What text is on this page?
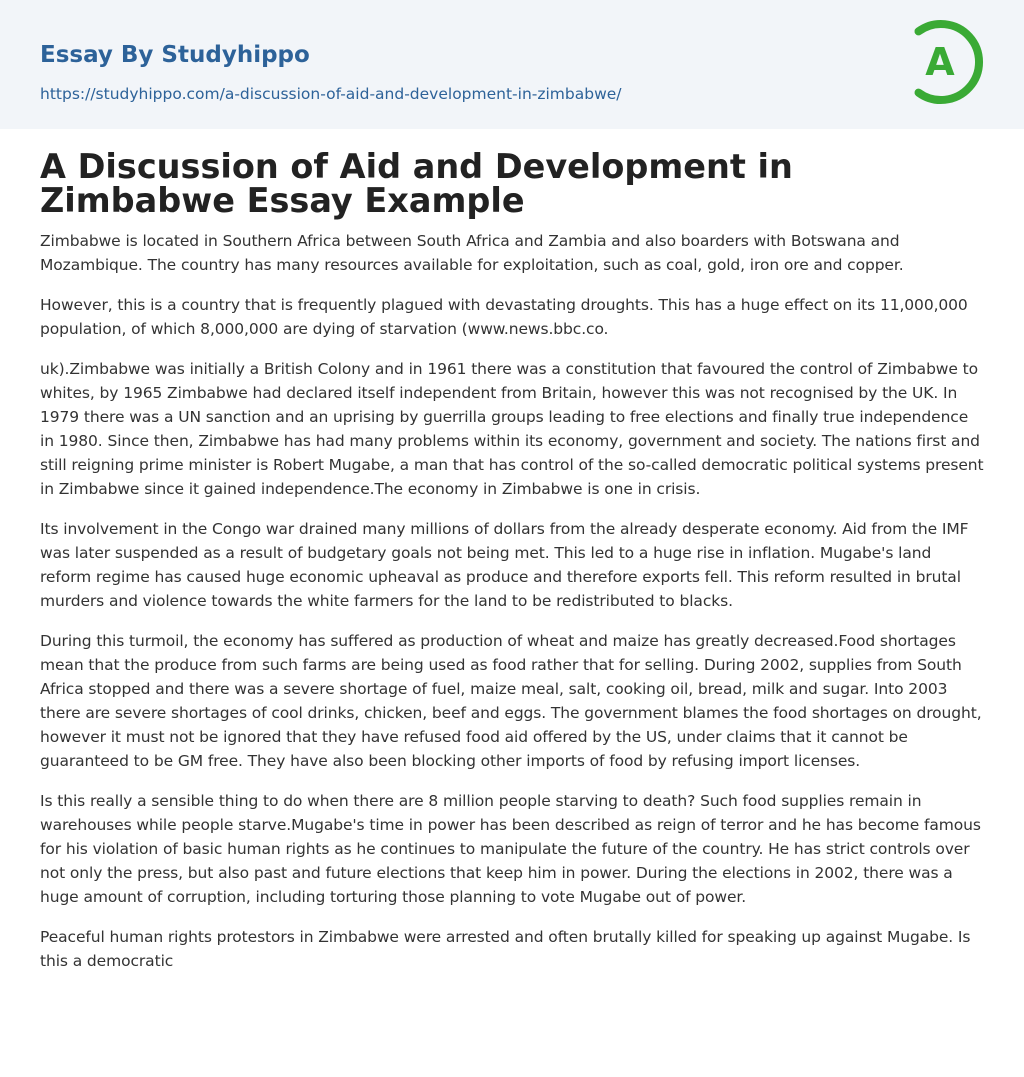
Essay By Studyhippo
https://studyhippo.com/a-discussion-of-aid-and-development-in-zimbabwe/
A
A Discussion of Aid and Development in Zimbabwe Essay Example

Zimbabwe is located in Southern Africa between South Africa and Zambia and also boarders with Botswana and Mozambique. The country has many resources available for exploitation, such as coal, gold, iron ore and copper.

However, this is a country that is frequently plagued with devastating droughts. This has a huge effect on its 11,000,000 population, of which 8,000,000 are dying of starvation (www.news.bbc.co.

uk).Zimbabwe was initially a British Colony and in 1961 there was a constitution that favoured the control of Zimbabwe to whites, by 1965 Zimbabwe had declared itself independent from Britain, however this was not recognised by the UK. In 1979 there was a UN sanction and an uprising by guerrilla groups leading to free elections and finally true independence in 1980. Since then, Zimbabwe has had many problems within its economy, government and society. The nations first and still reigning prime minister is Robert Mugabe, a man that has control of the so-called democratic political systems present in Zimbabwe since it gained independence.The economy in Zimbabwe is one in crisis.

Its involvement in the Congo war drained many millions of dollars from the already desperate economy. Aid from the IMF was later suspended as a result of budgetary goals not being met. This led to a huge rise in inflation. Mugabe's land reform regime has caused huge economic upheaval as produce and therefore exports fell. This reform resulted in brutal murders and violence towards the white farmers for the land to be redistributed to blacks.

During this turmoil, the economy has suffered as production of wheat and maize has greatly decreased.Food shortages mean that the produce from such farms are being used as food rather that for selling. During 2002, supplies from South Africa stopped and there was a severe shortage of fuel, maize meal, salt, cooking oil, bread, milk and sugar. Into 2003 there are severe shortages of cool drinks, chicken, beef and eggs. The government blames the food shortages on drought, however it must not be ignored that they have refused food aid offered by the US, under claims that it cannot be guaranteed to be GM free. They have also been blocking other imports of food by refusing import licenses.

Is this really a sensible thing to do when there are 8 million people starving to death? Such food supplies remain in warehouses while people starve.Mugabe's time in power has been described as reign of terror and he has become famous for his violation of basic human rights as he continues to manipulate the future of the country. He has strict controls over not only the press, but also past and future elections that keep him in power. During the elections in 2002, there was a huge amount of corruption, including torturing those planning to vote Mugabe out of power.

Peaceful human rights protestors in Zimbabwe were arrested and often brutally killed for speaking up against Mugabe. Is this a democratic
